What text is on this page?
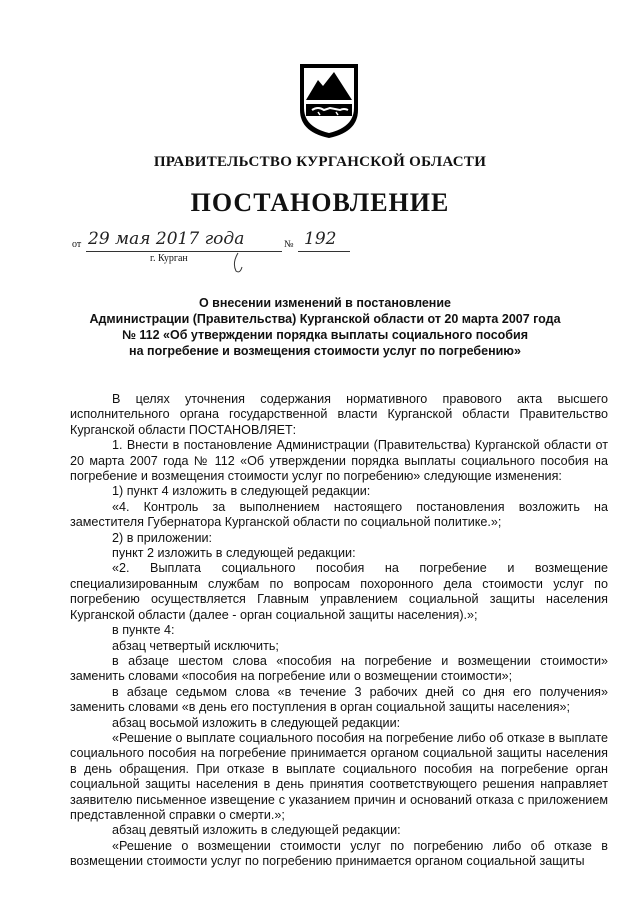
ПРАВИТЕЛЬСТВО КУРГАНСКОЙ ОБЛАСТИ
ПОСТАНОВЛЕНИЕ
от 29 мая 2017 года	№ 192
г. Курган
О внесении изменений в постановление
Администрации (Правительства) Курганской области от 20 марта 2007 года
№ 112 «Об утверждении порядка выплаты социального пособия
на погребение и возмещения стоимости услуг по погребению»

В целях уточнения содержания нормативного правового акта высшего исполнительного органа государственной власти Курганской области Правительство Курганской области ПОСТАНОВЛЯЕТ:

1. Внести в постановление Администрации (Правительства) Курганской области от 20 марта 2007 года № 112 «Об утверждении порядка выплаты социального пособия на погребение и возмещения стоимости услуг по погребению» следующие изменения:

1) пункт 4 изложить в следующей редакции:

«4. Контроль за выполнением настоящего постановления возложить на заместителя Губернатора Курганской области по социальной политике.»;

2) в приложении:

пункт 2 изложить в следующей редакции:

«2. Выплата социального пособия на погребение и возмещение специализированным службам по вопросам похоронного дела стоимости услуг по погребению осуществляется Главным управлением социальной защиты населения Курганской области (далее - орган социальной защиты населения).»;

в пункте 4:

абзац четвертый исключить;

в абзаце шестом слова «пособия на погребение и возмещении стоимости» заменить словами «пособия на погребение или о возмещении стоимости»;

в абзаце седьмом слова «в течение 3 рабочих дней со дня его получения» заменить словами «в день его поступления в орган социальной защиты населения»;

абзац восьмой изложить в следующей редакции:

«Решение о выплате социального пособия на погребение либо об отказе в выплате социального пособия на погребение принимается органом социальной защиты населения в день обращения. При отказе в выплате социального пособия на погребение орган социальной защиты населения в день принятия соответствующего решения направляет заявителю письменное извещение с указанием причин и оснований отказа с приложением представленной справки о смерти.»;

абзац девятый изложить в следующей редакции:

«Решение о возмещении стоимости услуг по погребению либо об отказе в возмещении стоимости услуг по погребению принимается органом социальной защиты
